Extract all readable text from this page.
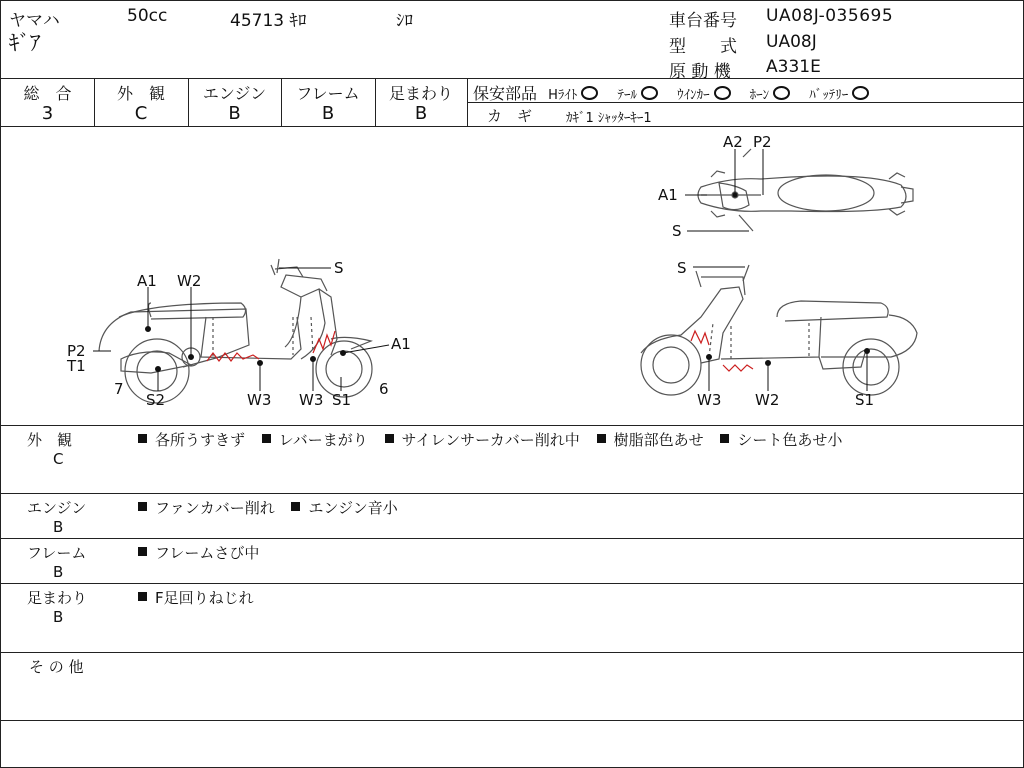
ヤマハ	50cc	45713 ｷﾛ	ｼﾛ
ｷﾞｱ
車台番号 UA08J-035695
型　　式 UA08J
原 動 機 A331E
総　合	外　観	エンジン	フレーム	足まわり
3	C	B	B	B
保安部品 Hﾗｲﾄ	ﾃｰﾙ	ｳｲﾝｶｰ	ﾎｰﾝ	ﾊﾞｯﾃﾘｰ
カ　ギ	ｶｷﾞ1 ｼｬｯﾀｰｷｰ1
A1 W2
S
A1
P2
T1
7
S2	W3 W3 S1
6
S
W3 W2	S1
A2 P2
A1
S
外　観
C
各所うすきず レバーまがり サイレンサーカバー削れ中 樹脂部色あせ シート色あせ小
エンジン
B
ファンカバー削れ エンジン音小
フレーム
B
フレームさび中
足まわり
B
F足回りねじれ
そ の 他
